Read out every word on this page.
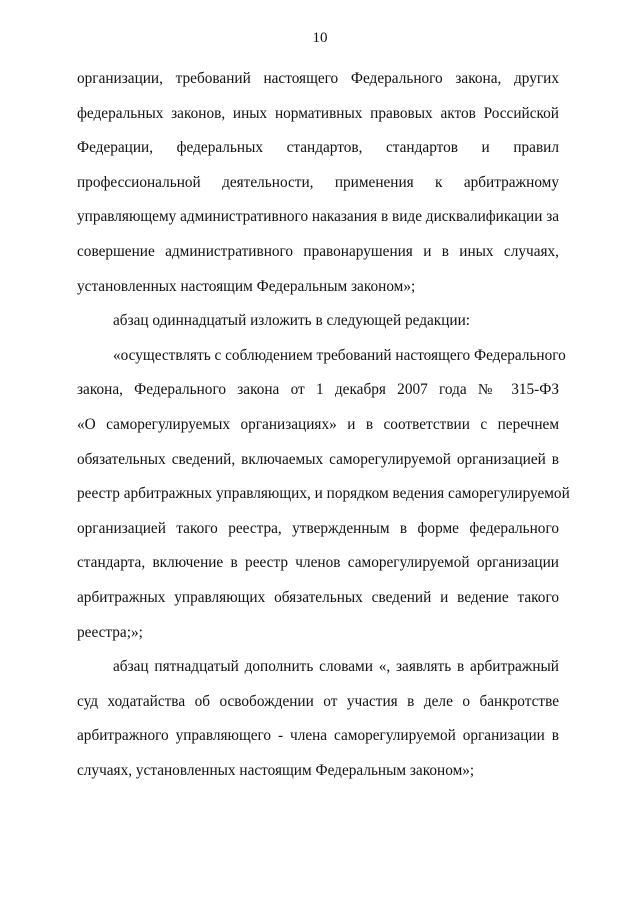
10
организации, требований настоящего Федерального закона, других
федеральных законов, иных нормативных правовых актов Российской
Федерации, федеральных стандартов, стандартов и правил
профессиональной деятельности, применения к арбитражному
управляющему административного наказания в виде дисквалификации за
совершение административного правонарушения и в иных случаях,
установленных настоящим Федеральным законом»;
абзац одиннадцатый изложить в следующей редакции:
«осуществлять с соблюдением требований настоящего Федерального
закона, Федерального закона от 1 декабря 2007 года № 315-ФЗ
«О саморегулируемых организациях» и в соответствии с перечнем
обязательных сведений, включаемых саморегулируемой организацией в
реестр арбитражных управляющих, и порядком ведения саморегулируемой
организацией такого реестра, утвержденным в форме федерального
стандарта, включение в реестр членов саморегулируемой организации
арбитражных управляющих обязательных сведений и ведение такого
реестра;»;
абзац пятнадцатый дополнить словами «, заявлять в арбитражный
суд ходатайства об освобождении от участия в деле о банкротстве
арбитражного управляющего - члена саморегулируемой организации в
случаях, установленных настоящим Федеральным законом»;
